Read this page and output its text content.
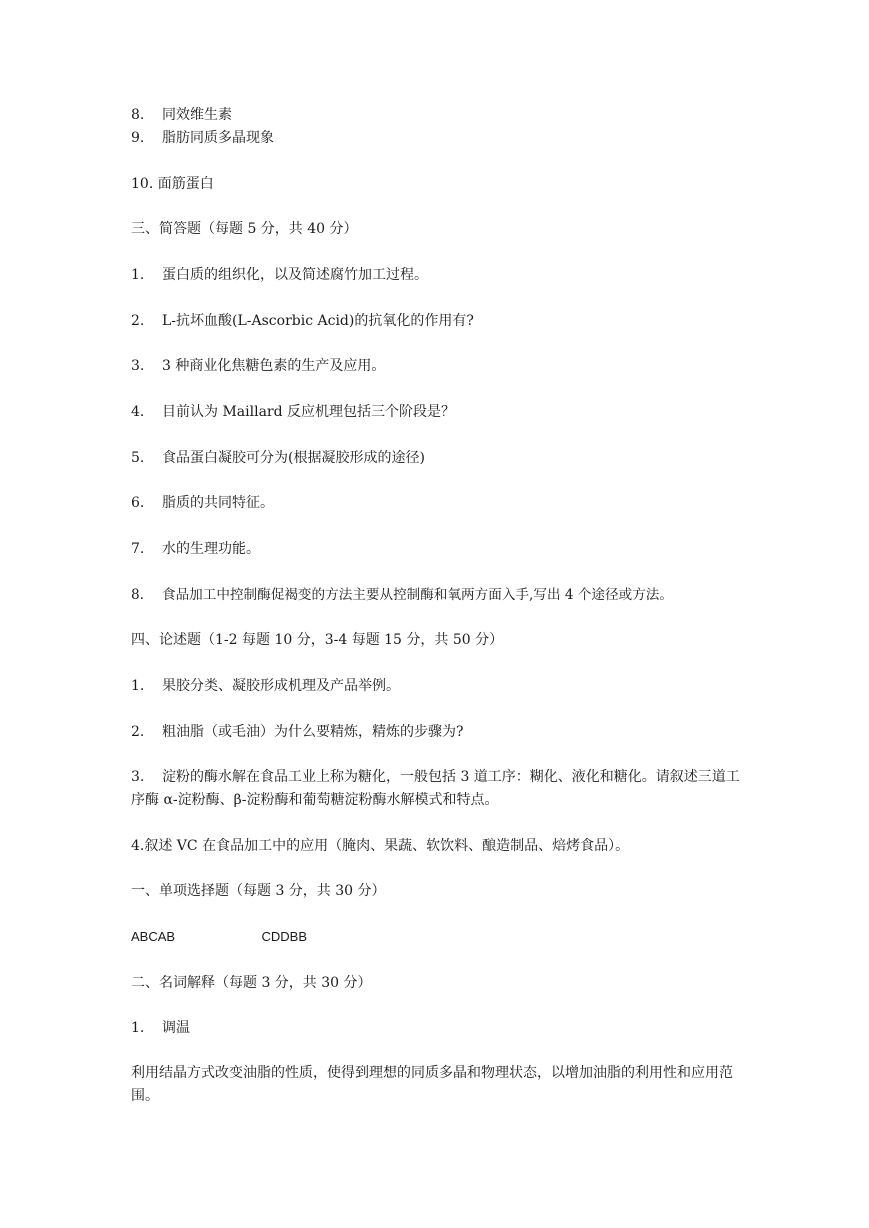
8. 同效维生素
9. 脂肪同质多晶现象
10. 面筋蛋白
三、简答题（每题 5 分，共 40 分）
1. 蛋白质的组织化，以及简述腐竹加工过程。
2. L-抗坏血酸(L-Ascorbic Acid)的抗氧化的作用有?
3. 3 种商业化焦糖色素的生产及应用。
4. 目前认为 Maillard 反应机理包括三个阶段是？
5. 食品蛋白凝胶可分为(根据凝胶形成的途径)
6. 脂质的共同特征。
7. 水的生理功能。
8. 食品加工中控制酶促褐变的方法主要从控制酶和氧两方面入手,写出 4 个途径或方法。
四、论述题（1-2 每题 10 分，3-4 每题 15 分，共 50 分）
1. 果胶分类、凝胶形成机理及产品举例。
2. 粗油脂（或毛油）为什么要精炼，精炼的步骤为?
3. 淀粉的酶水解在食品工业上称为糖化，一般包括 3 道工序：糊化、液化和糖化。请叙述三道工序酶 α-淀粉酶、β-淀粉酶和葡萄糖淀粉酶水解模式和特点。
4.叙述 VC 在食品加工中的应用（腌肉、果蔬、软饮料、酿造制品、焙烤食品）。
一、单项选择题（每题 3 分，共 30 分）
ABCAB    CDDBB
二、名词解释（每题 3 分，共 30 分）
1. 调温
利用结晶方式改变油脂的性质，使得到理想的同质多晶和物理状态，以增加油脂的利用性和应用范围。
